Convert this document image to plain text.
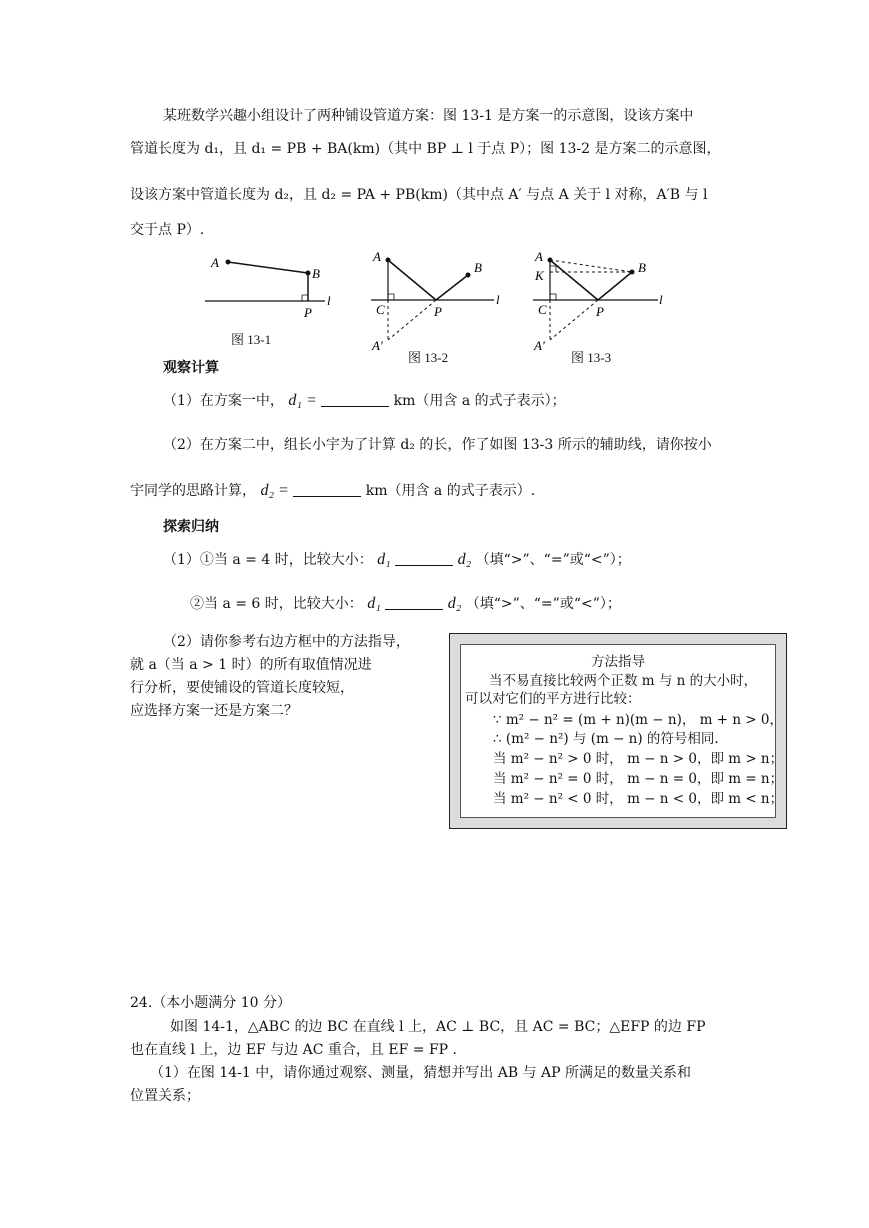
某班数学兴趣小组设计了两种铺设管道方案：图 13-1 是方案一的示意图，设该方案中
管道长度为 d₁，且 d₁ = PB + BA(km)（其中 BP ⊥ l 于点 P）；图 13-2 是方案二的示意图，
设该方案中管道长度为 d₂，且 d₂ = PA + PB(km)（其中点 A′ 与点 A 关于 l 对称，A′B 与 l
交于点 P）.
A
B
P
l
图 13-1
A
B
C	P
l
A′
图 13-2
A
K
B
C	P
l
A′
图 13-3
观察计算
（1）在方案一中， d₁ =	km（用含 a 的式子表示）；
（2）在方案二中，组长小宇为了计算 d₂ 的长，作了如图 13-3 所示的辅助线，请你按小
宇同学的思路计算， d₂ =	km（用含 a 的式子表示）.
探索归纳
（1）①当 a = 4 时，比较大小： d₁	d₂ （填“>”、“=”或“<”）；
②当 a = 6 时，比较大小： d₁	d₂ （填“>”、“=”或“<”）；
（2）请你参考右边方框中的方法指导，
就 a（当 a > 1 时）的所有取值情况进
行分析，要使铺设的管道长度较短，
应选择方案一还是方案二？
方法指导
当不易直接比较两个正数 m 与 n 的大小时，
可以对它们的平方进行比较：
∵ m² − n² = (m + n)(m − n)， m + n > 0，
∴ (m² − n²) 与 (m − n) 的符号相同.
当 m² − n² > 0 时， m − n > 0，即 m > n；
当 m² − n² = 0 时， m − n = 0，即 m = n；
当 m² − n² < 0 时， m − n < 0，即 m < n；
24.（本小题满分 10 分）
如图 14-1，△ABC 的边 BC 在直线 l 上，AC ⊥ BC，且 AC = BC；△EFP 的边 FP
也在直线 l 上，边 EF 与边 AC 重合，且 EF = FP .
（1）在图 14-1 中，请你通过观察、测量，猜想并写出 AB 与 AP 所满足的数量关系和
位置关系；
